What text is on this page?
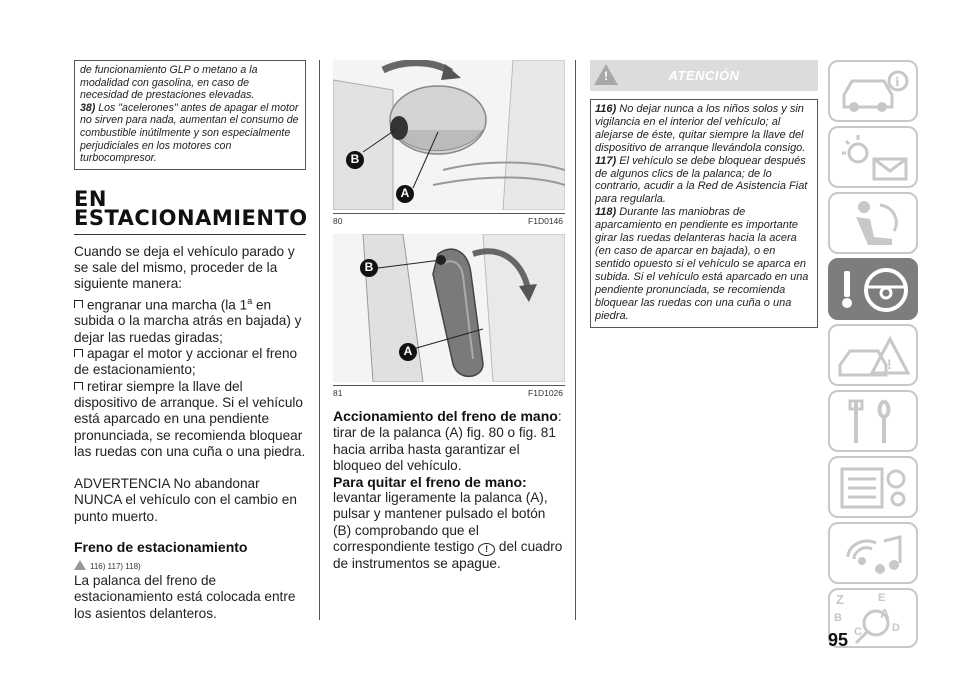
de funcionamiento GLP o metano a la modalidad con gasolina, en caso de necesidad de prestaciones elevadas.

38) Los "acelerones" antes de apagar el motor no sirven para nada, aumentan el consumo de combustible inútilmente y son especialmente perjudiciales en los motores con turbocompresor.

EN
ESTACIONAMIENTO

Cuando se deja el vehículo parado y se sale del mismo, proceder de la siguiente manera:

engranar una marcha (la 1$^a$ en subida o la marcha atrás en bajada) y dejar las ruedas giradas;

apagar el motor y accionar el freno de estacionamiento;

retirar siempre la llave del dispositivo de arranque. Si el vehículo está aparcado en una pendiente pronunciada, se recomienda bloquear las ruedas con una cuña o una piedra.

ADVERTENCIA No abandonar NUNCA el vehículo con el cambio en punto muerto.

Freno de estacionamiento
116) 117) 118)
La palanca del freno de estacionamiento está colocada entre los asientos delanteros.
B
A
80	F1D0146
B
A
81	F1D1026

Accionamiento del freno de mano: tirar de la palanca (A) fig. 80 o fig. 81 hacia arriba hasta garantizar el bloqueo del vehículo.

Para quitar el freno de mano:

levantar ligeramente la palanca (A), pulsar y mantener pulsado el botón (B) comprobando que el correspondiente testigo ! del cuadro de instrumentos se apague.

!
ATENCIÓN

116) No dejar nunca a los niños solos y sin vigilancia en el interior del vehículo; al alejarse de éste, quitar siempre la llave del dispositivo de arranque llevándola consigo.

117) El vehículo se debe bloquear después de algunos clics de la palanca; de lo contrario, acudir a la Red de Asistencia Fiat para regularla.

118) Durante las maniobras de aparcamiento en pendiente es importante girar las ruedas delanteras hacia la acera (en caso de aparcar en bajada), o en sentido opuesto si el vehículo se aparca en subida. Si el vehículo está aparcado en una pendiente pronunciada, se recomienda bloquear las ruedas con una cuña o una piedra.

i
!
Z	E
A
B
C	D
95
